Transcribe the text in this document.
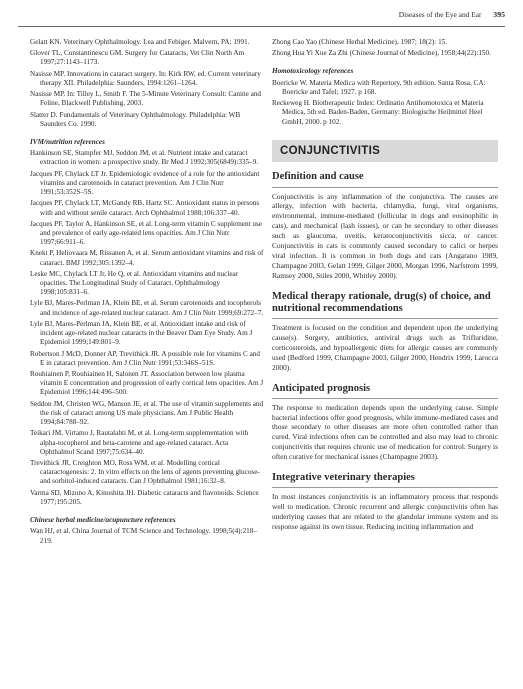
Diseases of the Eye and Ear 395

Gelatt KN. Veterinary Ophthalmology. Lea and Febiger. Malvern, PA; 1991.

Glover TL, Constantinescu GM. Surgery for Cataracts, Vet Clin North Am 1997;27:1143–1173.

Nasisse MP. Innovations in cataract surgery. In: Kirk RW, ed. Current veterinary therapy XII. Philadelphia: Saunders, 1994:1261–1264.

Nasisse MP. In: Tilley L, Smith F. The 5-Minute Veterinary Consult: Canine and Feline, Blackwell Publishing, 2003.

Slatter D. Fundamentals of Veterinary Ophthalmology. Philadelphia: WB Saunders Co. 1990.

IVM/nutrition references

Hankinson SE, Stampfer MJ, Seddon JM, et al. Nutrient intake and cataract extraction in women: a prospective study. Br Med J 1992;305(6849):335–9.

Jacques PF, Chylack LT Jr. Epidemiologic evidence of a role for the antioxidant vitamins and carotenoids in cataract prevention. Am J Clin Nutr 1991;53:352S–5S.

Jacques PF, Chylack LT, McGandy RB, Hartz SC. Antioxidant status in persons with and without senile cataract. Arch Ophthalmol 1988;106:337–40.

Jacques PF, Taylor A, Hankinson SE, et al. Long-term vitamin C supplement use and prevalence of early age-related lens opacities. Am J Clin Nutr 1997;66:911–6.

Knekt P, Heliovaara M, Rissanen A, et al. Serum antioxidant vitamins and risk of cataract. BMJ 1992;305:1392–4.

Leske MC, Chylack LT Jr, He Q, et al. Antioxidant vitamins and nuclear opacities. The Longitudinal Study of Cataract. Ophthalmology 1998;105:831–6.

Lyle BJ, Mares-Perlman JA, Klein BE, et al. Serum carotenoids and tocopherols and incidence of age-related nuclear cataract. Am J Clin Nutr 1999;69:272–7.

Lyle BJ, Mares-Perlman JA, Klein BE, et al. Antioxidant intake and risk of incident age-related nuclear cataracts in the Beaver Dam Eye Study. Am J Epidemiol 1999;149:801–9.

Robertson J McD, Donner AP, Trevithick JR. A possible role for vitamins C and E in cataract prevention. Am J Clin Nutr 1991;53:346S–51S.

Rouhiainen P, Rouhiainen H, Salonen JT. Association between low plasma vitamin E concentration and progression of early cortical lens opacities. Am J Epidemiol 1996;144:496–500.

Seddon JM, Christen WG, Manson JE, et al. The use of vitamin supplements and the risk of cataract among US male physicians. Am J Public Health 1994;84:788–92.

Teikari JM, Virtamo J, Rautalahti M, et al. Long-term supplementation with alpha-tocopherol and beta-carotene and age-related cataract. Acta Ophthalmol Scand 1997;75:634–40.

Trevithick JR, Creighton MO, Ross WM, et al. Modelling cortical cataractogenesis: 2. In vitro effects on the lens of agents preventing glucose- and sorbitol-induced cataracts. Can J Ophthalmol 1981;16:32–8.

Varma SD, Mizuno A, Kinoshita JH. Diabetic cataracts and flavonoids. Science 1977;195:205.

Chinese herbal medicine/acupuncture references

Wan HJ, et al. China Journal of TCM Science and Technology. 1998;5(4):218–219.

Zhong Cao Yao (Chinese Herbal Medicine), 1987; 18(2): 15.

Zhong Hua Yi Xue Za Zhi (Chinese Journal of Medicine), 1958;44(22):150.

Homotoxicology references

Boericke W. Materia Medica with Repertory, 9th edition. Santa Rosa, CA: Boericke and Tafel; 1927. p 168.

Reckeweg H. Biotherapeutic Index: Ordinatio Antihomotoxica et Materia Medica, 5th ed. Baden-Baden, Germany: Biologische Heilmittel Heel GmbH, 2000. p 102.

CONJUNCTIVITIS
Definition and cause

Conjunctivitis is any inflammation of the conjunctiva. The causes are allergy, infection with bacteria, chlamydia, fungi, viral organisms, environmental, immune-mediated (follicular in dogs and eosinophilic in cats), and mechanical (lash issues), or can be secondary to other diseases such as glaucoma, uveitis, keratoconjunctivitis sicca, or cancer. Conjunctivitis in cats is commonly caused secondary to calici or herpes viral infection. It is common in both dogs and cats (Angarano 1989, Champagne 2003, Gelatt 1999, Gilger 2000, Morgan 1996, Narfstrom 1999, Ramsey 2000, Stiles 2000, Whitley 2000).

Medical therapy rationale, drug(s) of choice, and nutritional recommendations

Treatment is focused on the condition and dependent upon the underlying cause(s). Surgery, antibiotics, antiviral drugs such as Trifluridine, corticosteroids, and hypoallergenic diets for allergic causes are commonly used (Bedford 1999, Champagne 2003, Gilger 2000, Hendrix 1999, Larocca 2000).

Anticipated prognosis

The response to medication depends upon the underlying cause. Simple bacterial infections offer good prognosis, while immune-mediated cases and those secondary to other diseases are more often controlled rather than cured. Viral infections often can be controlled and also may lead to chronic conjunctivitis that requires chronic use of medication for control. Surgery is often curative for mechanical issues (Champagne 2003).

Integrative veterinary therapies

In most instances conjunctivitis is an inflammatory process that responds well to medication. Chronic recurrent and allergic conjunctivitis often has underlying causes that are related to the glandular immune system and its response against its own tissue. Reducing inciting inflammation and
